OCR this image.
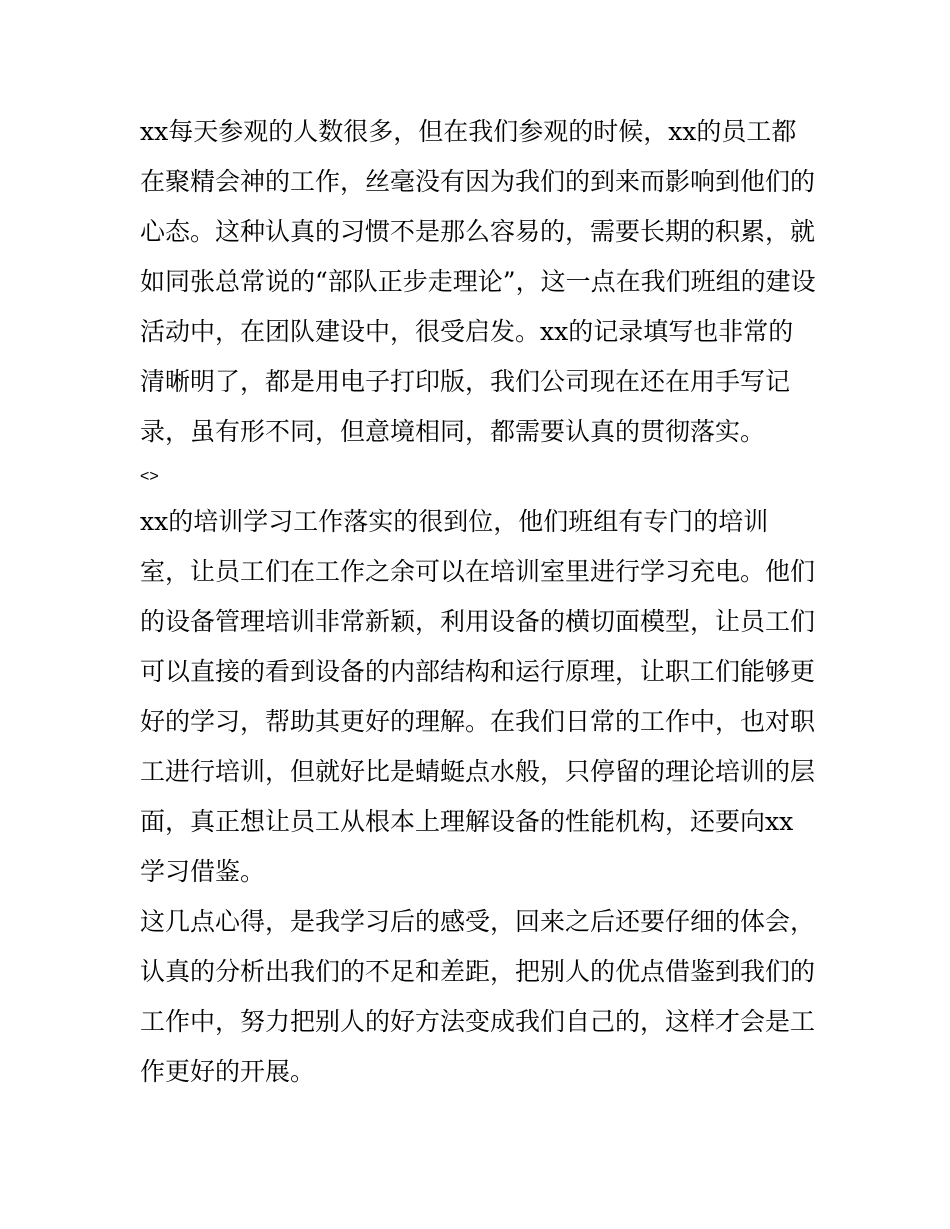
xx每天参观的人数很多，但在我们参观的时候，xx的员工都
在聚精会神的工作，丝毫没有因为我们的到来而影响到他们的
心态。这种认真的习惯不是那么容易的，需要长期的积累，就
如同张总常说的“部队正步走理论”，这一点在我们班组的建设
活动中，在团队建设中，很受启发。xx的记录填写也非常的
清晰明了，都是用电子打印版，我们公司现在还在用手写记
录，虽有形不同，但意境相同，都需要认真的贯彻落实。
<>
xx的培训学习工作落实的很到位，他们班组有专门的培训
室，让员工们在工作之余可以在培训室里进行学习充电。他们
的设备管理培训非常新颖，利用设备的横切面模型，让员工们
可以直接的看到设备的内部结构和运行原理，让职工们能够更
好的学习，帮助其更好的理解。在我们日常的工作中，也对职
工进行培训，但就好比是蜻蜓点水般，只停留的理论培训的层
面，真正想让员工从根本上理解设备的性能机构，还要向xx
学习借鉴。
这几点心得，是我学习后的感受，回来之后还要仔细的体会，
认真的分析出我们的不足和差距，把别人的优点借鉴到我们的
工作中，努力把别人的好方法变成我们自己的，这样才会是工
作更好的开展。
